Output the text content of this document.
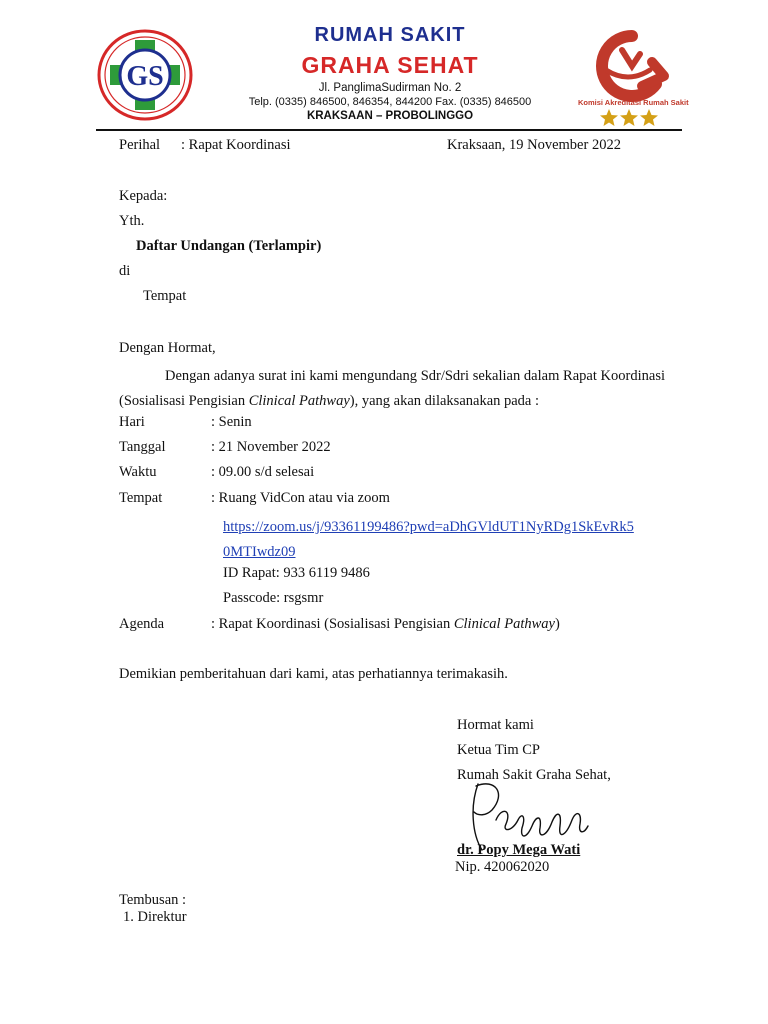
GS
RUMAH SAKIT
GRAHA SEHAT
Jl. PanglimaSudirman No. 2
Telp. (0335) 846500, 846354, 844200 Fax. (0335) 846500
KRAKSAAN – PROBOLINGGO
Komisi Akreditasi Rumah Sakit
Perihal : Rapat Koordinasi	Kraksaan, 19 November 2022
Kepada:
Yth.
Daftar Undangan (Terlampir)
di
Tempat
Dengan Hormat,
Dengan adanya surat ini kami mengundang Sdr/Sdri sekalian dalam Rapat Koordinasi (Sosialisasi Pengisian Clinical Pathway), yang akan dilaksanakan pada :
Hari	: Senin
Tanggal	: 21 November 2022
Waktu	: 09.00 s/d selesai
Tempat	: Ruang VidCon atau via zoom
https://zoom.us/j/93361199486?pwd=aDhGVldUT1NyRDg1SkEvRk5
0MTIwdz09
ID Rapat: 933 6119 9486
Passcode: rsgsmr
Agenda	: Rapat Koordinasi (Sosialisasi Pengisian Clinical Pathway)
Demikian pemberitahuan dari kami, atas perhatiannya terimakasih.
Hormat kami
Ketua Tim CP
Rumah Sakit Graha Sehat,
dr. Popy Mega Wati
Nip. 420062020
Tembusan :
1. Direktur
